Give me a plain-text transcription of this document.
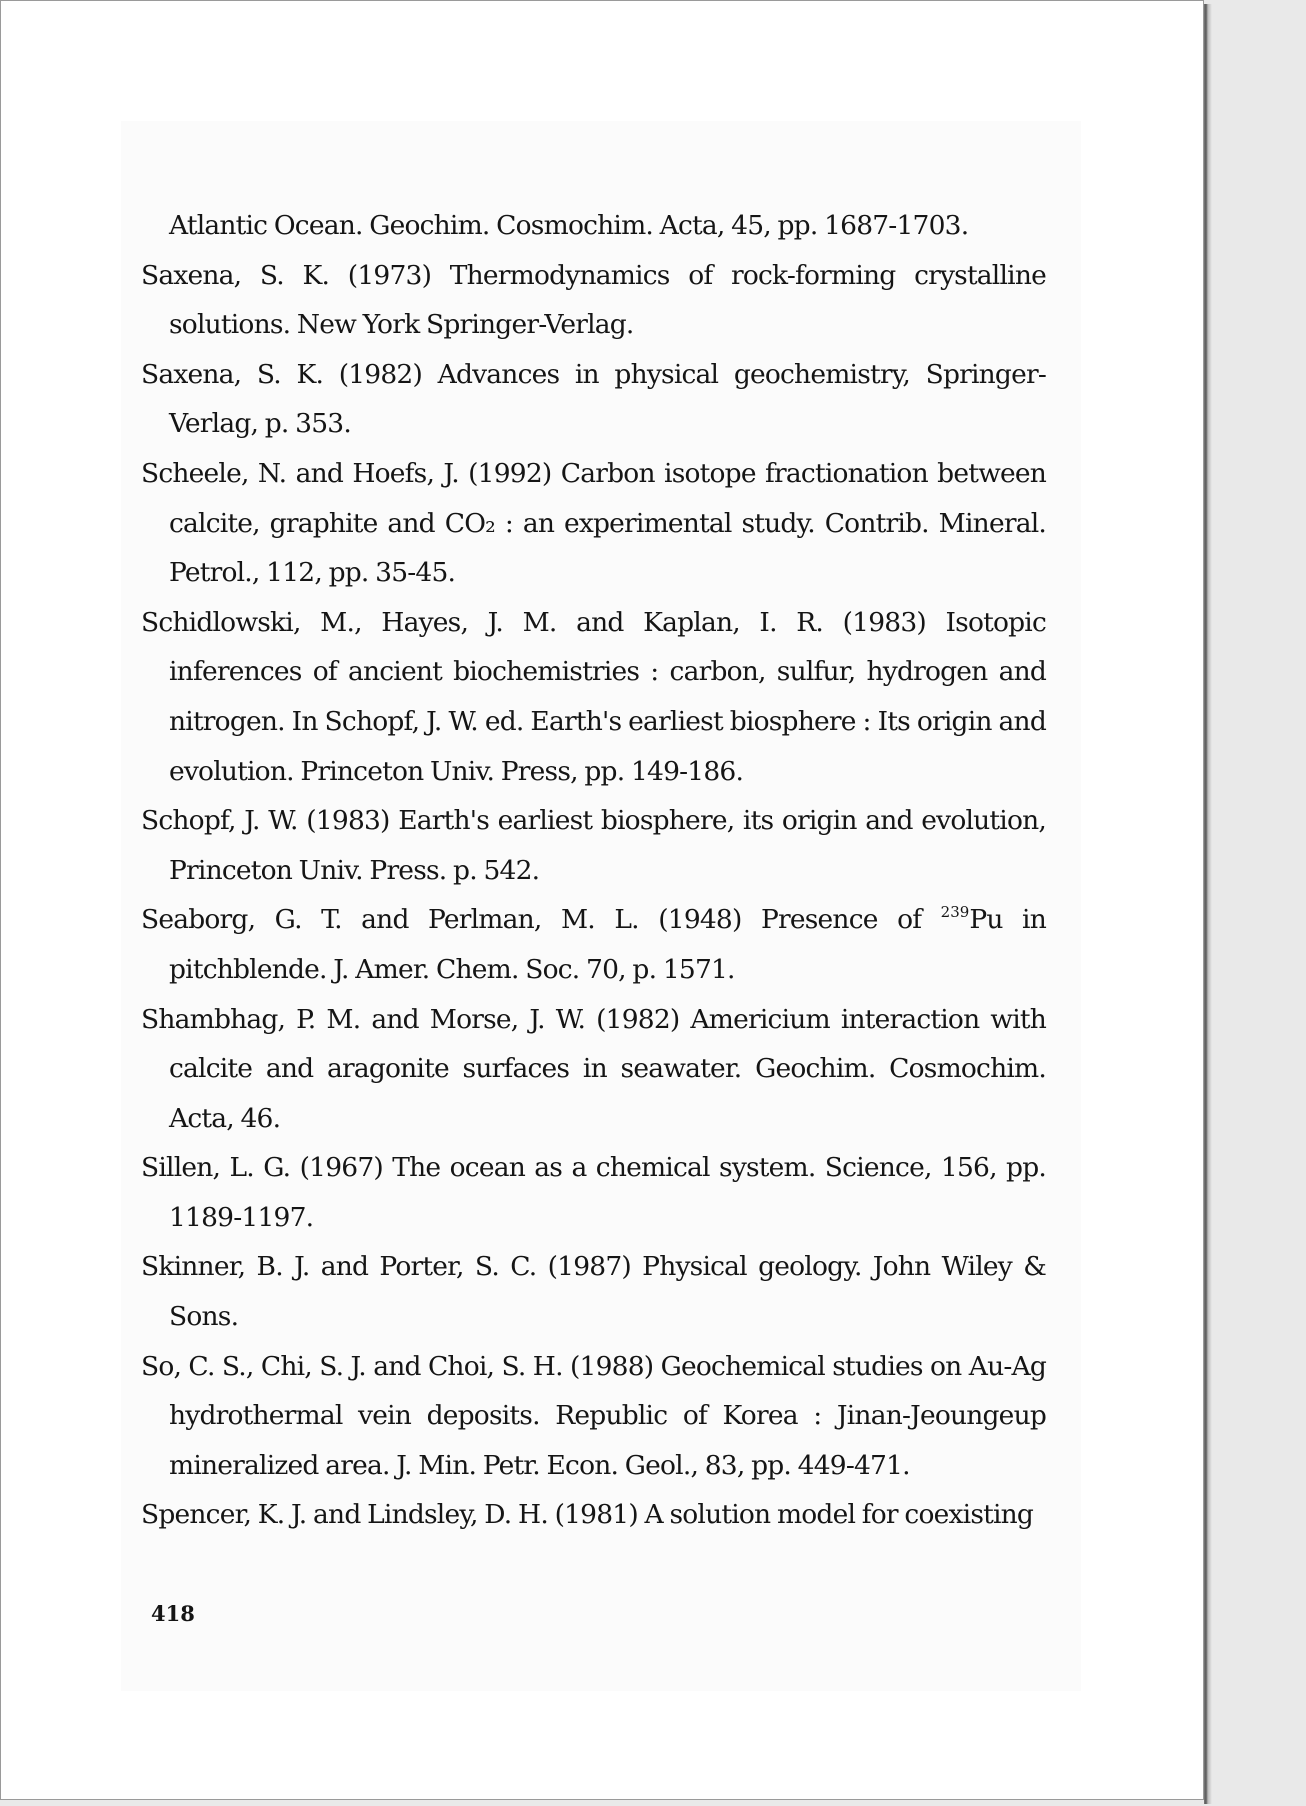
Atlantic Ocean. Geochim. Cosmochim. Acta, 45, pp. 1687-1703.
Saxena, S. K. (1973) Thermodynamics of rock-forming crystalline solutions. New York Springer-Verlag.
Saxena, S. K. (1982) Advances in physical geochemistry, Springer-Verlag, p. 353.
Scheele, N. and Hoefs, J. (1992) Carbon isotope fractionation between calcite, graphite and CO₂ : an experimental study. Contrib. Mineral. Petrol., 112, pp. 35-45.
Schidlowski, M., Hayes, J. M. and Kaplan, I. R. (1983) Isotopic inferences of ancient biochemistries : carbon, sulfur, hydrogen and nitrogen. In Schopf, J. W. ed. Earth's earliest biosphere : Its origin and evolution. Princeton Univ. Press, pp. 149-186.
Schopf, J. W. (1983) Earth's earliest biosphere, its origin and evolution, Princeton Univ. Press. p. 542.
Seaborg, G. T. and Perlman, M. L. (1948) Presence of $^{239}$Pu in pitchblende. J. Amer. Chem. Soc. 70, p. 1571.
Shambhag, P. M. and Morse, J. W. (1982) Americium interaction with calcite and aragonite surfaces in seawater. Geochim. Cosmochim. Acta, 46.
Sillen, L. G. (1967) The ocean as a chemical system. Science, 156, pp. 1189-1197.
Skinner, B. J. and Porter, S. C. (1987) Physical geology. John Wiley & Sons.
So, C. S., Chi, S. J. and Choi, S. H. (1988) Geochemical studies on Au-Ag hydrothermal vein deposits. Republic of Korea : Jinan-Jeoungeup mineralized area. J. Min. Petr. Econ. Geol., 83, pp. 449-471.
Spencer, K. J. and Lindsley, D. H. (1981) A solution model for coexisting
418
